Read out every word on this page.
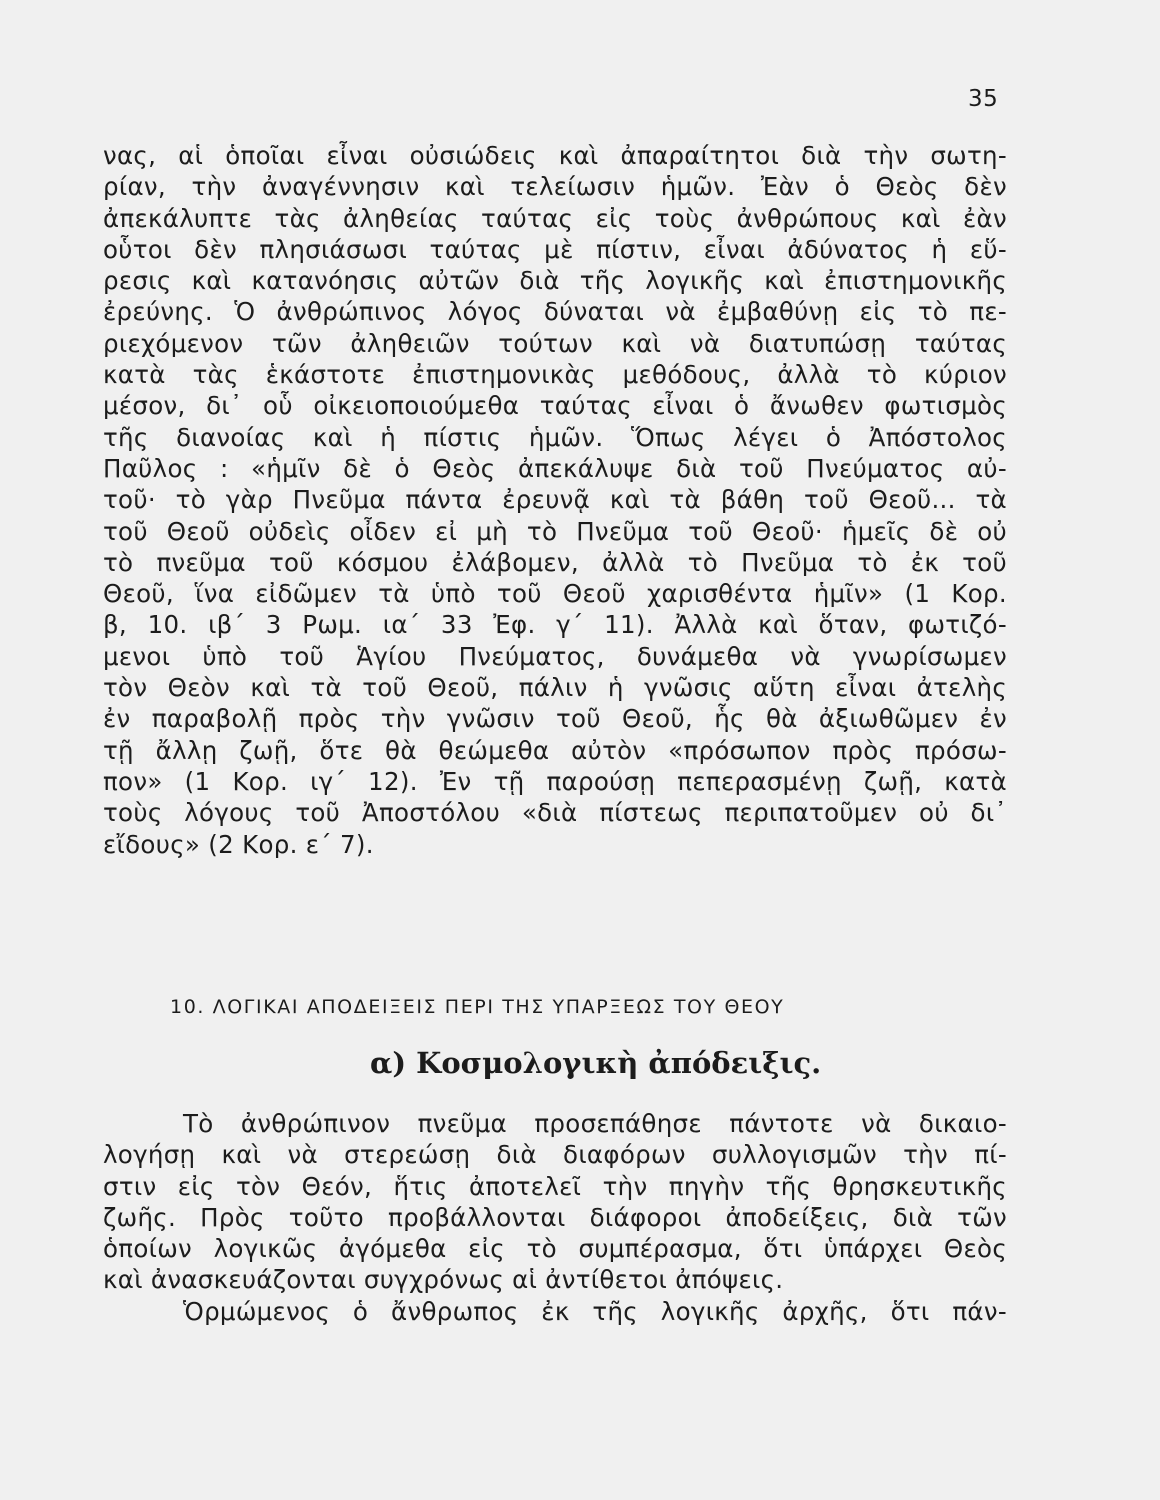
35
νας, αἱ ὁποῖαι εἶναι οὐσιώδεις καὶ ἀπαραίτητοι διὰ τὴν σωτη-
ρίαν, τὴν ἀναγέννησιν καὶ τελείωσιν ἡμῶν. Ἐὰν ὁ Θεὸς δὲν
ἀπεκάλυπτε τὰς ἀληθείας ταύτας εἰς τοὺς ἀνθρώπους καὶ ἐὰν
οὗτοι δὲν πλησιάσωσι ταύτας μὲ πίστιν, εἶναι ἀδύνατος ἡ εὕ-
ρεσις καὶ κατανόησις αὐτῶν διὰ τῆς λογικῆς καὶ ἐπιστημονικῆς
ἐρεύνης. Ὁ ἀνθρώπινος λόγος δύναται νὰ ἐμβαθύνῃ εἰς τὸ πε-
ριεχόμενον τῶν ἀληθειῶν τούτων καὶ νὰ διατυπώσῃ ταύτας
κατὰ τὰς ἑκάστοτε ἐπιστημονικὰς μεθόδους, ἀλλὰ τὸ κύριον
μέσον, δι᾿ οὗ οἰκειοποιούμεθα ταύτας εἶναι ὁ ἄνωθεν φωτισμὸς
τῆς διανοίας καὶ ἡ πίστις ἡμῶν. Ὅπως λέγει ὁ Ἀπόστολος
Παῦλος : «ἡμῖν δὲ ὁ Θεὸς ἀπεκάλυψε διὰ τοῦ Πνεύματος αὐ-
τοῦ· τὸ γὰρ Πνεῦμα πάντα ἐρευνᾷ καὶ τὰ βάθη τοῦ Θεοῦ... τὰ
τοῦ Θεοῦ οὐδεὶς οἶδεν εἰ μὴ τὸ Πνεῦμα τοῦ Θεοῦ· ἡμεῖς δὲ οὐ
τὸ πνεῦμα τοῦ κόσμου ἐλάβομεν, ἀλλὰ τὸ Πνεῦμα τὸ ἐκ τοῦ
Θεοῦ, ἵνα εἰδῶμεν τὰ ὑπὸ τοῦ Θεοῦ χαρισθέντα ἡμῖν» (1 Κορ.
β, 10. ιβ΄ 3 Ρωμ. ια΄ 33 Ἐφ. γ΄ 11). Ἀλλὰ καὶ ὅταν, φωτιζό-
μενοι ὑπὸ τοῦ Ἁγίου Πνεύματος, δυνάμεθα νὰ γνωρίσωμεν
τὸν Θεὸν καὶ τὰ τοῦ Θεοῦ, πάλιν ἡ γνῶσις αὕτη εἶναι ἀτελὴς
ἐν παραβολῇ πρὸς τὴν γνῶσιν τοῦ Θεοῦ, ἧς θὰ ἀξιωθῶμεν ἐν
τῇ ἄλλῃ ζωῇ, ὅτε θὰ θεώμεθα αὐτὸν «πρόσωπον πρὸς πρόσω-
πον» (1 Κορ. ιγ΄ 12). Ἐν τῇ παρούσῃ πεπερασμένῃ ζωῇ, κατὰ
τοὺς λόγους τοῦ Ἀποστόλου «διὰ πίστεως περιπατοῦμεν οὐ δι᾿
εἴδους» (2 Κορ. ε΄ 7).
10. ΛΟΓΙΚΑΙ ΑΠΟΔΕΙΞΕΙΣ ΠΕΡΙ ΤΗΣ ΥΠΑΡΞΕΩΣ ΤΟΥ ΘΕΟΥ
α) Κοσμολογικὴ ἀπόδειξις.
Τὸ ἀνθρώπινον πνεῦμα προσεπάθησε πάντοτε νὰ δικαιο-
λογήσῃ καὶ νὰ στερεώσῃ διὰ διαφόρων συλλογισμῶν τὴν πί-
στιν εἰς τὸν Θεόν, ἥτις ἀποτελεῖ τὴν πηγὴν τῆς θρησκευτικῆς
ζωῆς. Πρὸς τοῦτο προβάλλονται διάφοροι ἀποδείξεις, διὰ τῶν
ὁποίων λογικῶς ἀγόμεθα εἰς τὸ συμπέρασμα, ὅτι ὑπάρχει Θεὸς
καὶ ἀνασκευάζονται συγχρόνως αἱ ἀντίθετοι ἀπόψεις.
Ὁρμώμενος ὁ ἄνθρωπος ἐκ τῆς λογικῆς ἀρχῆς, ὅτι πάν-
